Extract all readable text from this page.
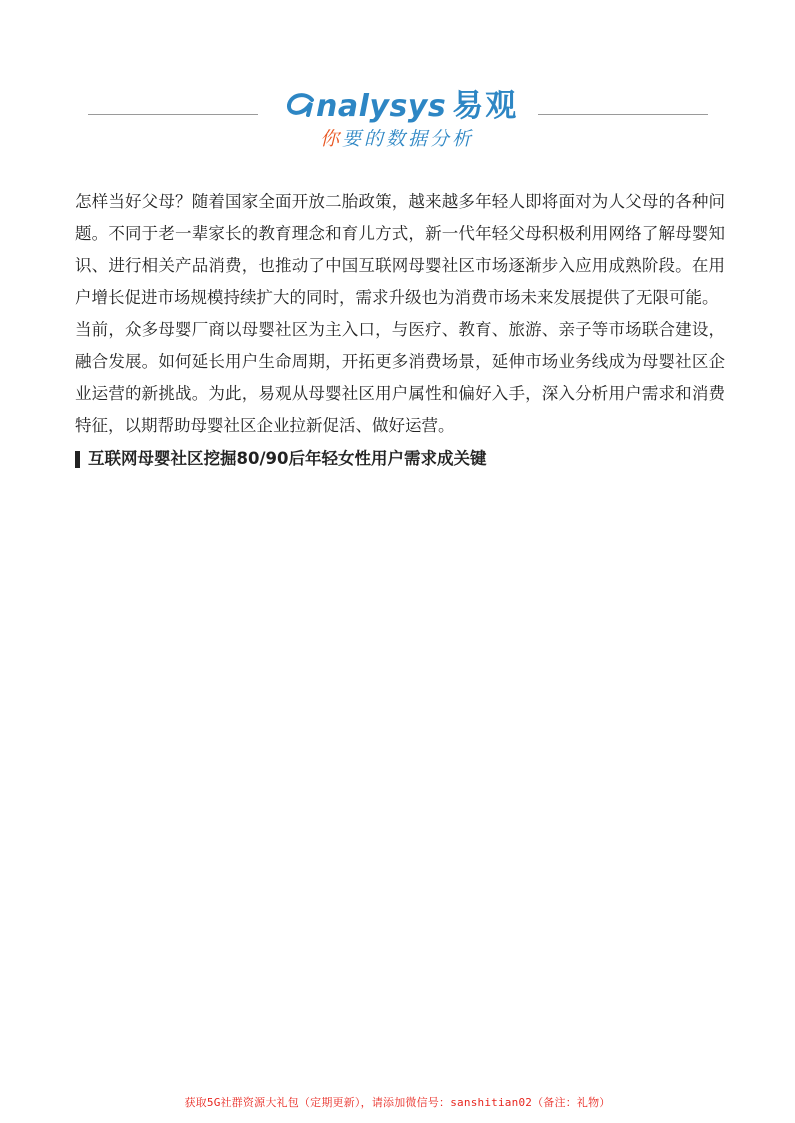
nalysys 易观
你要的数据分析

怎样当好父母？随着国家全面开放二胎政策，越来越多年轻人即将面对为人父母的各种问题。不同于老一辈家长的教育理念和育儿方式，新一代年轻父母积极利用网络了解母婴知识、进行相关产品消费，也推动了中国互联网母婴社区市场逐渐步入应用成熟阶段。在用户增长促进市场规模持续扩大的同时，需求升级也为消费市场未来发展提供了无限可能。

当前，众多母婴厂商以母婴社区为主入口，与医疗、教育、旅游、亲子等市场联合建设，融合发展。如何延长用户生命周期，开拓更多消费场景，延伸市场业务线成为母婴社区企业运营的新挑战。为此，易观从母婴社区用户属性和偏好入手，深入分析用户需求和消费特征，以期帮助母婴社区企业拉新促活、做好运营。

互联网母婴社区挖掘80/90后年轻女性用户需求成关键
获取5G社群资源大礼包（定期更新），请添加微信号：sanshitian02（备注：礼物）
